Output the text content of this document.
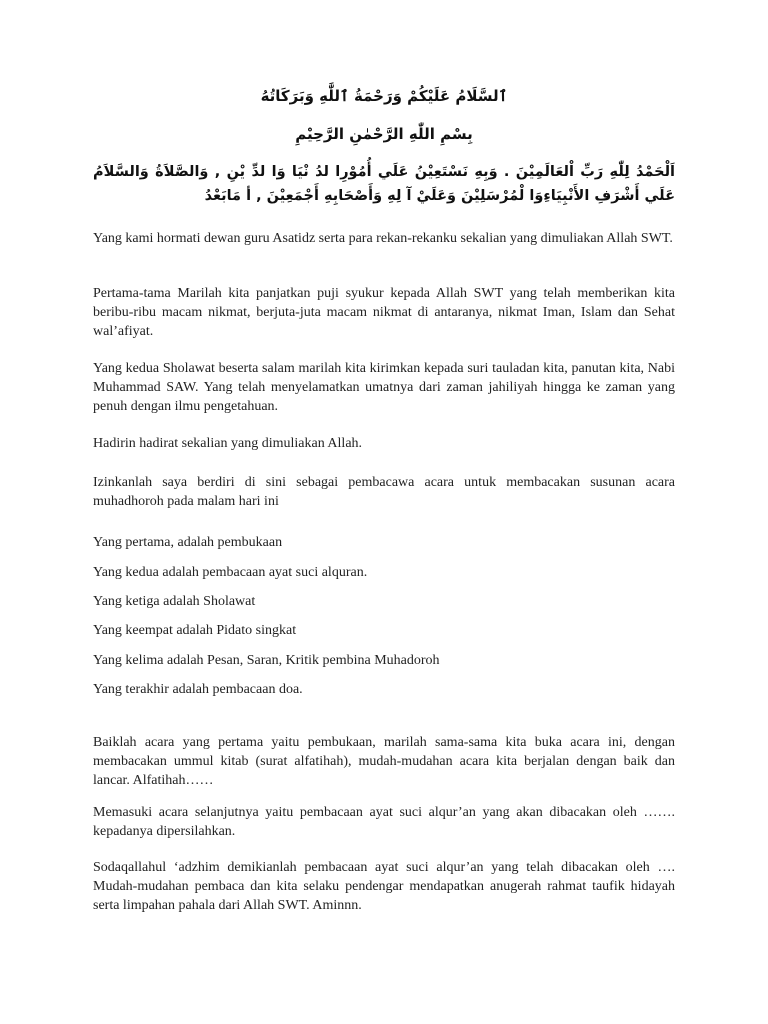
ٱلسَّلَامُ عَلَيْكُمْ وَرَحْمَةُ ٱللَّٰهِ وَبَرَكَاتُهُ
بِسْمِ اللّٰهِ الرَّحْمٰنِ الرَّحِيْمِ
اَلْحَمْدُ لِلّٰهِ رَبِّ اْلعَالَمِيْنَ . وَبِهِ نَسْتَعِيْنُ عَلَي أُمُوْرِا لدُ نْيَا وَا لدِّ يْنِ , وَالصَّلاَةُ وَالسَّلاَمُ عَلَي أَشْرَفِ الأَنْبِيَاءِوَا لْمُرْسَلِيْنَ وَعَلَيْ آ لِهِ وَأَصْحَابِهِ أَجْمَعِيْنَ , أ مَابَعْدُ

Yang kami hormati dewan guru Asatidz serta para rekan-rekanku sekalian yang dimuliakan Allah SWT.

Pertama-tama Marilah kita panjatkan puji syukur kepada Allah SWT yang telah memberikan kita beribu-ribu macam nikmat, berjuta-juta macam nikmat di antaranya, nikmat Iman, Islam dan Sehat wal’afiyat.

Yang kedua Sholawat beserta salam marilah kita kirimkan kepada suri tauladan kita, panutan kita, Nabi Muhammad SAW. Yang telah menyelamatkan umatnya dari zaman jahiliyah hingga ke zaman yang penuh dengan ilmu pengetahuan.

Hadirin hadirat sekalian yang dimuliakan Allah.

Izinkanlah saya berdiri di sini sebagai pembacawa acara untuk membacakan susunan acara muhadhoroh pada malam hari ini

Yang pertama, adalah pembukaan

Yang kedua adalah pembacaan ayat suci alquran.

Yang ketiga adalah Sholawat

Yang keempat adalah Pidato singkat

Yang kelima adalah Pesan, Saran, Kritik pembina Muhadoroh

Yang terakhir adalah pembacaan doa.

Baiklah acara yang pertama yaitu pembukaan, marilah sama-sama kita buka acara ini, dengan membacakan ummul kitab (surat alfatihah), mudah-mudahan acara kita berjalan dengan baik dan lancar. Alfatihah……

Memasuki acara selanjutnya yaitu pembacaan ayat suci alqur’an yang akan dibacakan oleh ……. kepadanya dipersilahkan.

Sodaqallahul ‘adzhim demikianlah pembacaan ayat suci alqur’an yang telah dibacakan oleh …. Mudah-mudahan pembaca dan kita selaku pendengar mendapatkan anugerah rahmat taufik hidayah serta limpahan pahala dari Allah SWT. Aminnn.
